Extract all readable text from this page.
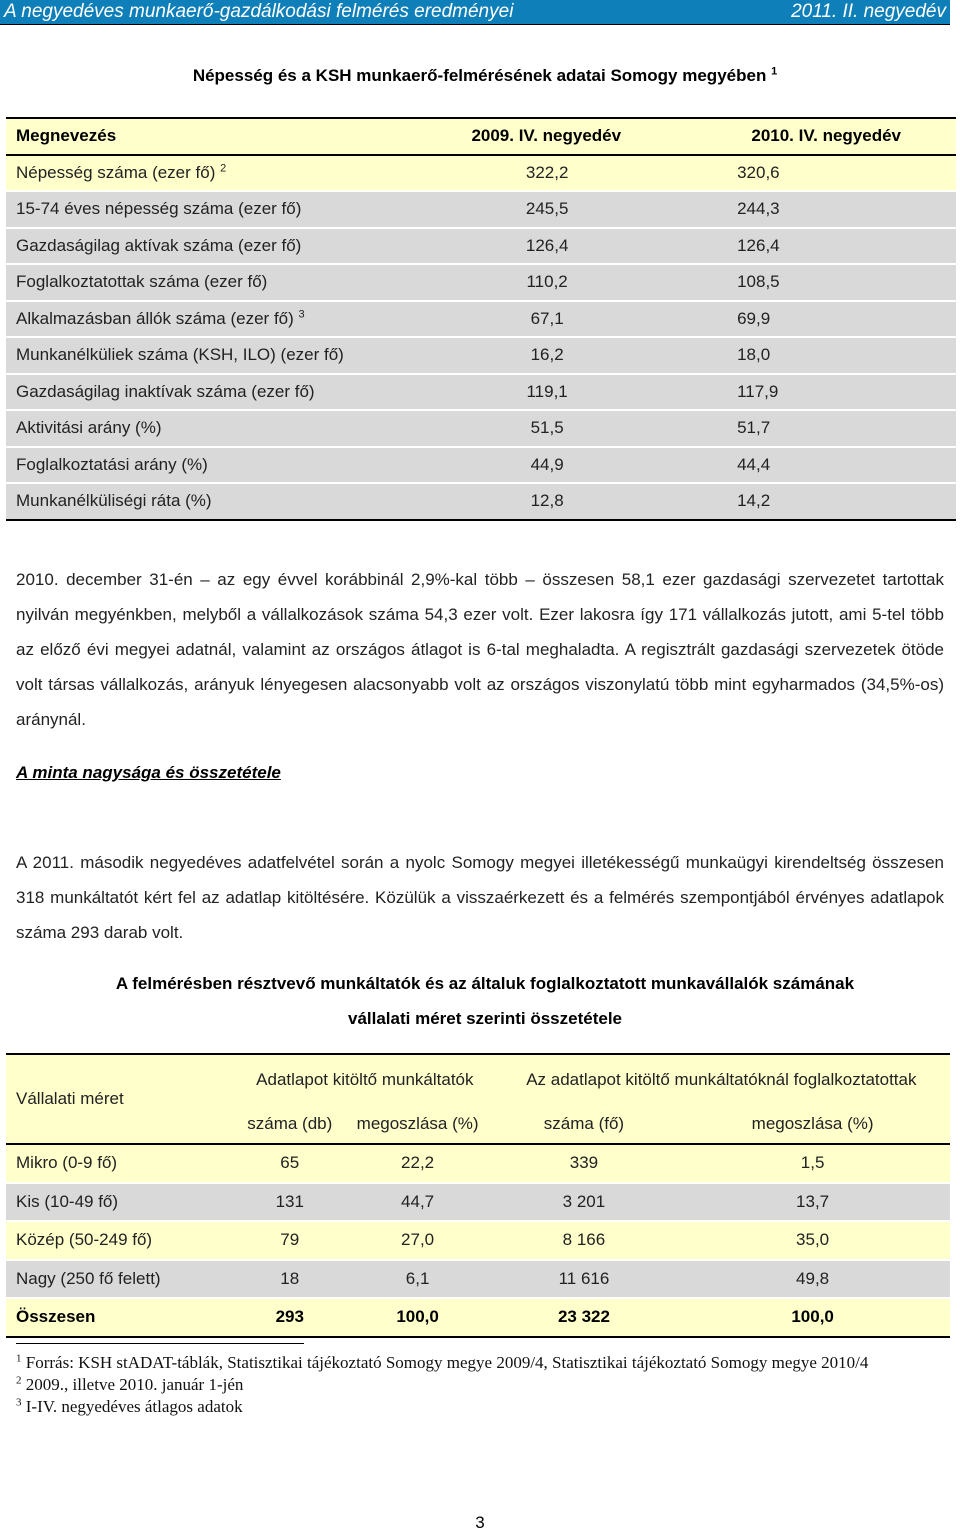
A negyedéves munkaerő-gazdálkodási felmérés eredményei	2011. II. negyedév
Népesség és a KSH munkaerő-felmérésének adatai Somogy megyében $^1$
Megnevezés	2009. IV. negyedév	2010. IV. negyedév
Népesség száma (ezer fő) $^2$	322,2	320,6
15-74 éves népesség száma (ezer fő)	245,5	244,3
Gazdaságilag aktívak száma (ezer fő)	126,4	126,4
Foglalkoztatottak száma (ezer fő)	110,2	108,5
Alkalmazásban állók száma (ezer fő) $^3$	67,1	69,9
Munkanélküliek száma (KSH, ILO) (ezer fő)	16,2	18,0
Gazdaságilag inaktívak száma (ezer fő)	119,1	117,9
Aktivitási arány (%)	51,5	51,7
Foglalkoztatási arány (%)	44,9	44,4
Munkanélküliségi ráta (%)	12,8	14,2

2010. december 31-én – az egy évvel korábbinál 2,9%-kal több – összesen 58,1 ezer gazdasági szervezetet tartottak nyilván megyénkben, melyből a vállalkozások száma 54,3 ezer volt. Ezer lakosra így 171 vállalkozás jutott, ami 5-tel több az előző évi megyei adatnál, valamint az országos átlagot is 6-tal meghaladta. A regisztrált gazdasági szervezetek ötöde volt társas vállalkozás, arányuk lényegesen alacsonyabb volt az országos viszonylatú több mint egyharmados (34,5%-os) aránynál.

A minta nagysága és összetétele

A 2011. második negyedéves adatfelvétel során a nyolc Somogy megyei illetékességű munkaügyi kirendeltség összesen 318 munkáltatót kért fel az adatlap kitöltésére. Közülük a visszaérkezett és a felmérés szempontjából érvényes adatlapok száma 293 darab volt.

A felmérésben résztvevő munkáltatók és az általuk foglalkoztatott munkavállalók számának
vállalati méret szerinti összetétele
Vállalati méret	Adatlapot kitöltő munkáltatók		Az adatlapot kitöltő munkáltatóknál foglalkoztatottak	
	száma (db)	megoszlása (%)	száma (fő)	megoszlása (%)
Mikro (0-9 fő)	65	22,2	339	1,5
Kis (10-49 fő)	131	44,7	3 201	13,7
Közép (50-249 fő)	79	27,0	8 166	35,0
Nagy (250 fő felett)	18	6,1	11 616	49,8
Összesen	293	100,0	23 322	100,0

$^1$ Forrás: KSH stADAT-táblák, Statisztikai tájékoztató Somogy megye 2009/4, Statisztikai tájékoztató Somogy megye 2010/4

$^2$ 2009., illetve 2010. január 1-jén

$^3$ I-IV. negyedéves átlagos adatok

3
